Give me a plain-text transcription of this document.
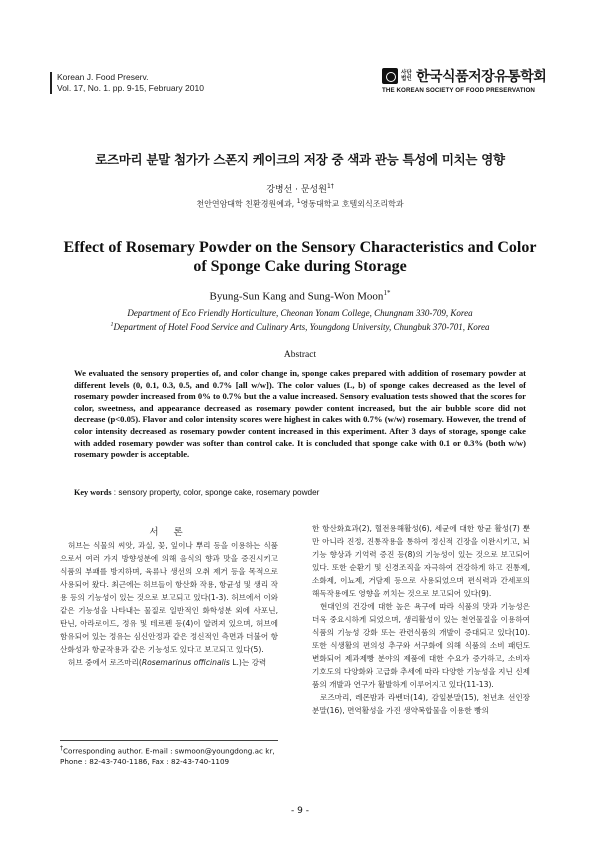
Korean J. Food Preserv.
Vol. 17, No. 1. pp. 9-15, February 2010
사단 법인 한국식품저장유통학회
THE KOREAN SOCIETY OF FOOD PRESERVATION
로즈마리 분말 첨가가 스폰지 케이크의 저장 중 색과 관능 특성에 미치는 영향
강병선 · 문성원$^{1\dagger}$
천안연암대학 친환경원예과, $^1$영동대학교 호텔외식조리학과
Effect of Rosemary Powder on the Sensory Characteristics and Color of Sponge Cake during Storage
Byung-Sun Kang and Sung-Won Moon$^{1*}$
Department of Eco Friendly Horticulture, Cheonan Yonam College, Chungnam 330-709, Korea
$^1$Department of Hotel Food Service and Culinary Arts, Youngdong University, Chungbuk 370-701, Korea
Abstract
We evaluated the sensory properties of, and color change in, sponge cakes prepared with addition of rosemary powder at different levels (0, 0.1, 0.3, 0.5, and 0.7% [all w/w]). The color values (L, b) of sponge cakes decreased as the level of rosemary powder increased from 0% to 0.7% but the a value increased. Sensory evaluation tests showed that the scores for color, sweetness, and appearance decreased as rosemary powder content increased, but the air bubble score did not decrease (p<0.05). Flavor and color intensity scores were highest in cakes with 0.7% (w/w) rosemary. However, the trend of color intensity decreased as rosemary powder content increased in this experiment. After 3 days of storage, sponge cake with added rosemary powder was softer than control cake. It is concluded that sponge cake with 0.1 or 0.3% (both w/w) rosemary powder is acceptable.
Key words : sensory property, color, sponge cake, rosemary powder

서 론

허브는 식물의 씨앗, 과실, 꽃, 잎이나 뿌리 등을 이용하는 식품으로서 여러 가지 방향성분에 의해 음식의 향과 맛을 증진시키고 식품의 부패를 방지하며, 육류나 생선의 오취 제거 등을 목적으로 사용되어 왔다. 최근에는 허브들이 항산화 작용, 항균성 및 생리 작용 등의 기능성이 있는 것으로 보고되고 있다(1-3). 허브에서 이와 같은 기능성을 나타내는 물질로 일반적인 화학성분 외에 사포닌, 탄닌, 아라로이드, 정유 및 테르펜 등(4)이 알려져 있으며, 허브에 함유되어 있는 정유는 심신안정과 같은 정신적인 측면과 더불어 항산화성과 항균작용과 같은 기능성도 있다고 보고되고 있다(5).

허브 중에서 로즈마리(Rosemarinus officinalis L.)는 강력

한 항산화효과(2), 혈전용해활성(6), 세균에 대한 항균 활성(7) 뿐 만 아니라 진정, 진통작용을 통하여 정신적 긴장을 이완시키고, 뇌 기능 향상과 기억력 증진 등(8)의 기능성이 있는 것으로 보고되어 있다. 또한 순환기 및 신경조직을 자극하여 건강하게 하고 진통제, 소화제, 이뇨제, 거담제 등으로 사용되었으며 편식력과 간세포의 해독작용에도 영향을 끼치는 것으로 보고되어 있다(9).

현대인의 건강에 대한 높은 욕구에 따라 식품의 맛과 기능성은 더욱 중요시하게 되었으며, 생리활성이 있는 천연물질을 이용하여 식품의 기능성 강화 또는 관련식품의 개발이 증대되고 있다(10). 또한 식생활의 편의성 추구와 서구화에 의해 식품의 소비 패턴도 변화되어 제과제빵 분야의 제품에 대한 수요가 증가하고, 소비자 기호도의 다양화와 고급화 추세에 따라 다양한 기능성을 지닌 신제품의 개발과 연구가 활발하게 이루어지고 있다(11-13).

로즈마리, 레몬밤과 라벤더(14), 감잎분말(15), 천년초 선인장 분말(16), 면역활성을 가진 생약복합물을 이용한 빵의

†Corresponding author. E-mail : swmoon@youngdong.ac kr,
Phone : 82-43-740-1186, Fax : 82-43-740-1109
- 9 -
